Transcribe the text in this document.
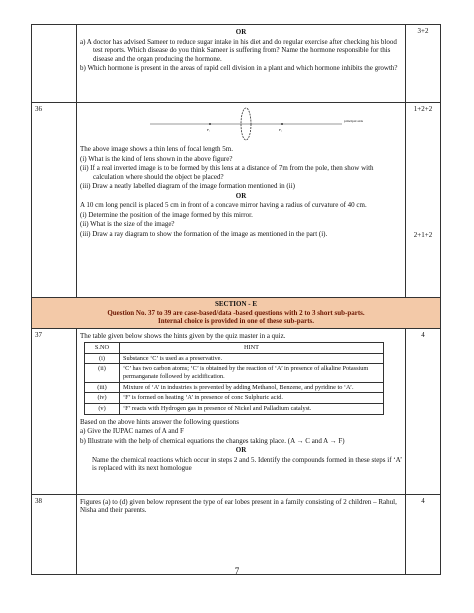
OR
a) A doctor has advised Sameer to reduce sugar intake in his diet and do regular exercise after checking his blood test reports. Which disease do you think Sameer is suffering from? Name the hormone responsible for this disease and the organ producing the hormone.
b) Which hormone is present in the areas of rapid cell division in a plant and which hormone inhibits the growth?
	3+2
36	
F₁	F₂
principal axis
The above image shows a thin lens of focal length 5m.
(i) What is the kind of lens shown in the above figure?
(ii) If a real inverted image is to be formed by this lens at a distance of 7m from the pole, then show with calculation where should the object be placed?
(iii) Draw a neatly labelled diagram of the image formation mentioned in (ii)
OR
A 10 cm long pencil is placed 5 cm in front of a concave mirror having a radius of curvature of 40 cm.
(i) Determine the position of the image formed by this mirror.
(ii) What is the size of the image?
(iii) Draw a ray diagram to show the formation of the image as mentioned in the part (i).

1+2+2
2+1+2

SECTION - E
Question No. 37 to 39 are case-based/data -based questions with 2 to 3 short sub-parts.
Internal choice is provided in one of these sub-parts.

37	The table given below shows the hints given by the quiz master in a quiz.
S.NO	HINT
(i)	Substance ‘C’ is used as a preservative.
(ii)	‘C’ has two carbon atoms; ‘C’ is obtained by the reaction of ‘A’ in presence of alkaline Potassium permanganate followed by acidification.
(iii)	Mixture of ‘A’ in industries is prevented by adding Methanol, Benzene, and pyridine to ‘A’.
(iv)	‘F’ is formed on heating ‘A’ in presence of conc Sulphuric acid.
(v)	‘F’ reacts with Hydrogen gas in presence of Nickel and Palladium catalyst.
Based on the above hints answer the following questions
a) Give the IUPAC names of A and F
b) Illustrate with the help of chemical equations the changes taking place. (A → C and A → F)
OR
Name the chemical reactions which occur in steps 2 and 5. Identify the compounds formed in these steps if ‘A’ is replaced with its next homologue
	4
38	Figures (a) to (d) given below represent the type of ear lobes present in a family consisting of 2 children – Rahul, Nisha and their parents.
	4
7
